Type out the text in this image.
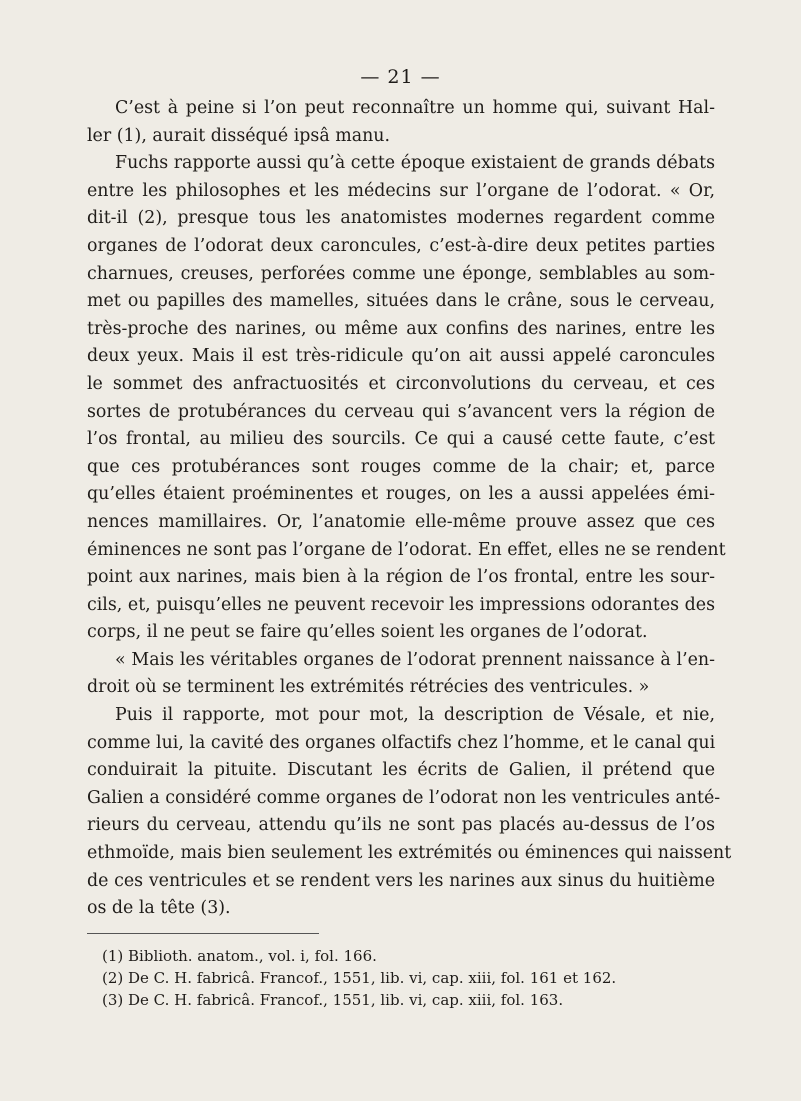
— 21 —
C’est à peine si l’on peut reconnaître un homme qui, suivant Hal-
ler (1), aurait disséqué ipsâ manu.
Fuchs rapporte aussi qu’à cette époque existaient de grands débats
entre les philosophes et les médecins sur l’organe de l’odorat. « Or,
dit-il (2), presque tous les anatomistes modernes regardent comme
organes de l’odorat deux caroncules, c’est-à-dire deux petites parties
charnues, creuses, perforées comme une éponge, semblables au som-
met ou papilles des mamelles, situées dans le crâne, sous le cerveau,
très-proche des narines, ou même aux confins des narines, entre les
deux yeux. Mais il est très-ridicule qu’on ait aussi appelé caroncules
le sommet des anfractuosités et circonvolutions du cerveau, et ces
sortes de protubérances du cerveau qui s’avancent vers la région de
l’os frontal, au milieu des sourcils. Ce qui a causé cette faute, c’est
que ces protubérances sont rouges comme de la chair; et, parce
qu’elles étaient proéminentes et rouges, on les a aussi appelées émi-
nences mamillaires. Or, l’anatomie elle-même prouve assez que ces
éminences ne sont pas l’organe de l’odorat. En effet, elles ne se rendent
point aux narines, mais bien à la région de l’os frontal, entre les sour-
cils, et, puisqu’elles ne peuvent recevoir les impressions odorantes des
corps, il ne peut se faire qu’elles soient les organes de l’odorat.
« Mais les véritables organes de l’odorat prennent naissance à l’en-
droit où se terminent les extrémités rétrécies des ventricules. »
Puis il rapporte, mot pour mot, la description de Vésale, et nie,
comme lui, la cavité des organes olfactifs chez l’homme, et le canal qui
conduirait la pituite. Discutant les écrits de Galien, il prétend que
Galien a considéré comme organes de l’odorat non les ventricules anté-
rieurs du cerveau, attendu qu’ils ne sont pas placés au-dessus de l’os
ethmoïde, mais bien seulement les extrémités ou éminences qui naissent
de ces ventricules et se rendent vers les narines aux sinus du huitième
os de la tête (3).
(1) Biblioth. anatom., vol. i, fol. 166.
(2) De C. H. fabricâ. Francof., 1551, lib. vi, cap. xiii, fol. 161 et 162.
(3) De C. H. fabricâ. Francof., 1551, lib. vi, cap. xiii, fol. 163.
